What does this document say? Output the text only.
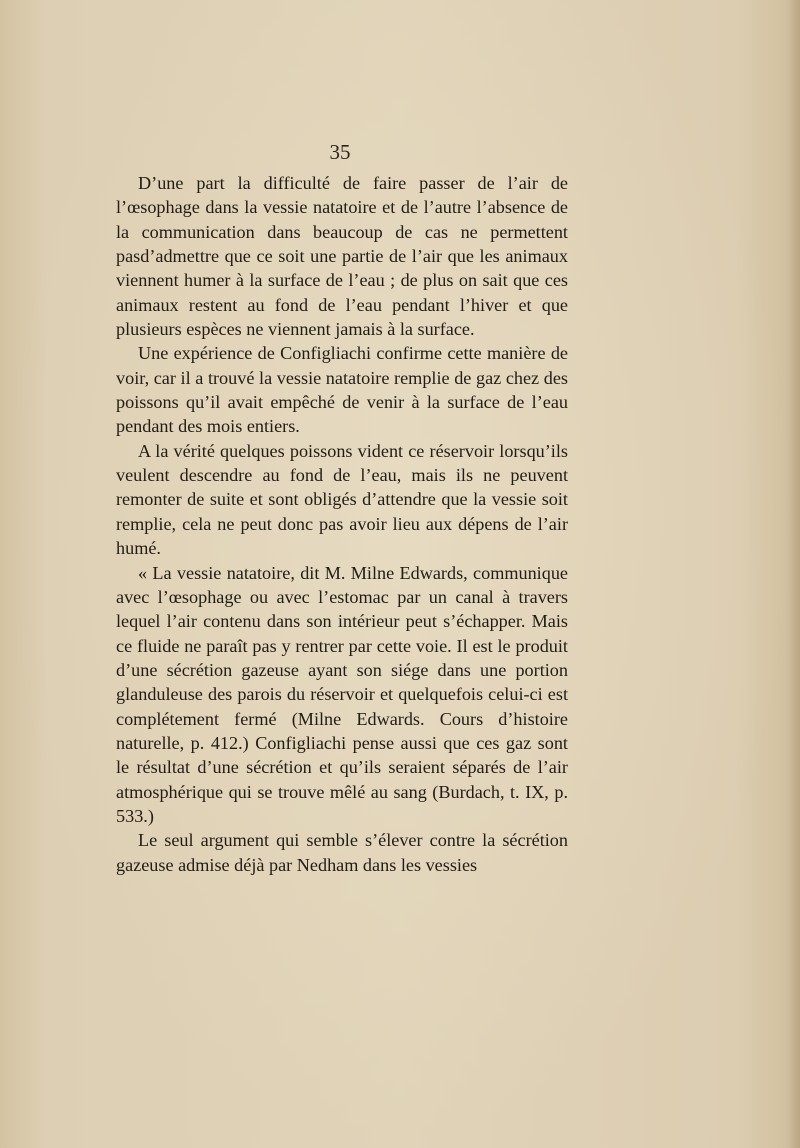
35

D’une part la difficulté de faire passer de l’air de l’œsophage dans la vessie natatoire et de l’autre l’absence de la communication dans beaucoup de cas ne permettent pasd’admettre que ce soit une partie de l’air que les animaux viennent humer à la surface de l’eau ; de plus on sait que ces animaux restent au fond de l’eau pendant l’hiver et que plusieurs espèces ne viennent jamais à la surface.

Une expérience de Configliachi confirme cette manière de voir, car il a trouvé la vessie natatoire remplie de gaz chez des poissons qu’il avait empêché de venir à la surface de l’eau pendant des mois entiers.

A la vérité quelques poissons vident ce réservoir lorsqu’ils veulent descendre au fond de l’eau, mais ils ne peuvent remonter de suite et sont obligés d’attendre que la vessie soit remplie, cela ne peut donc pas avoir lieu aux dépens de l’air humé.

« La vessie natatoire, dit M. Milne Edwards, communique avec l’œsophage ou avec l’estomac par un canal à travers lequel l’air contenu dans son intérieur peut s’échapper. Mais ce fluide ne paraît pas y rentrer par cette voie. Il est le produit d’une sécrétion gazeuse ayant son siége dans une portion glanduleuse des parois du réservoir et quelquefois celui-ci est complétement fermé (Milne Edwards. Cours d’histoire naturelle, p. 412.) Configliachi pense aussi que ces gaz sont le résultat d’une sécrétion et qu’ils seraient séparés de l’air atmosphérique qui se trouve mêlé au sang (Burdach, t. IX, p. 533.)

Le seul argument qui semble s’élever contre la sécrétion gazeuse admise déjà par Nedham dans les vessies
